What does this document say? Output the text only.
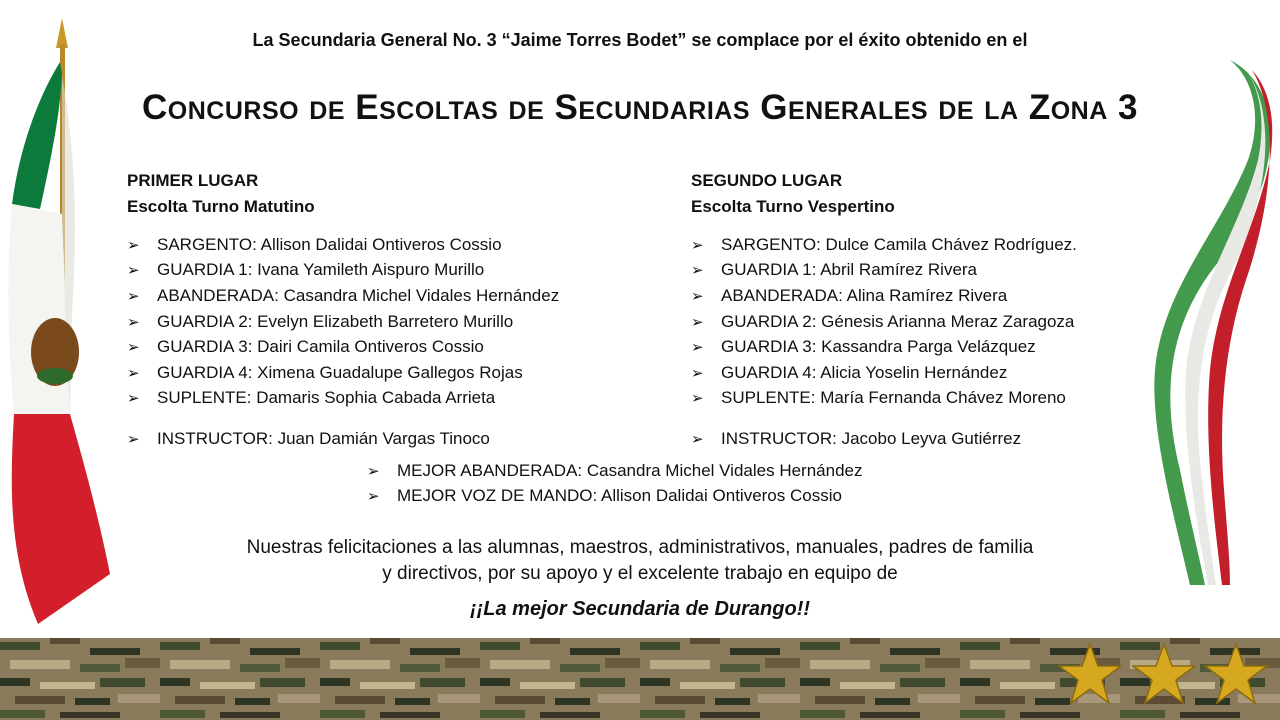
La Secundaria General No. 3 “Jaime Torres Bodet” se complace por el éxito obtenido en el
Concurso de Escoltas de Secundarias Generales de la Zona 3
PRIMER LUGAR
Escolta Turno Matutino
➢	SARGENTO: Allison Dalidai Ontiveros Cossio
➢	GUARDIA 1: Ivana Yamileth Aispuro Murillo
➢	ABANDERADA: Casandra Michel Vidales Hernández
➢	GUARDIA 2: Evelyn Elizabeth Barretero Murillo
➢	GUARDIA 3: Dairi Camila Ontiveros Cossio
➢	GUARDIA 4: Ximena Guadalupe Gallegos Rojas
➢	SUPLENTE: Damaris Sophia Cabada Arrieta
➢	INSTRUCTOR: Juan Damián Vargas Tinoco
SEGUNDO LUGAR
Escolta Turno Vespertino
➢	SARGENTO: Dulce Camila Chávez Rodríguez.
➢	GUARDIA 1: Abril Ramírez Rivera
➢	ABANDERADA: Alina Ramírez Rivera
➢	GUARDIA 2: Génesis Arianna Meraz Zaragoza
➢	GUARDIA 3: Kassandra Parga Velázquez
➢	GUARDIA 4: Alicia Yoselin Hernández
➢	SUPLENTE: María Fernanda Chávez Moreno
➢	INSTRUCTOR: Jacobo Leyva Gutiérrez
➢	MEJOR ABANDERADA: Casandra Michel Vidales Hernández
➢	MEJOR VOZ DE MANDO: Allison Dalidai Ontiveros Cossio
Nuestras felicitaciones a las alumnas, maestros, administrativos, manuales, padres de familia
y directivos, por su apoyo y el excelente trabajo en equipo de
¡¡La mejor Secundaria de Durango!!
